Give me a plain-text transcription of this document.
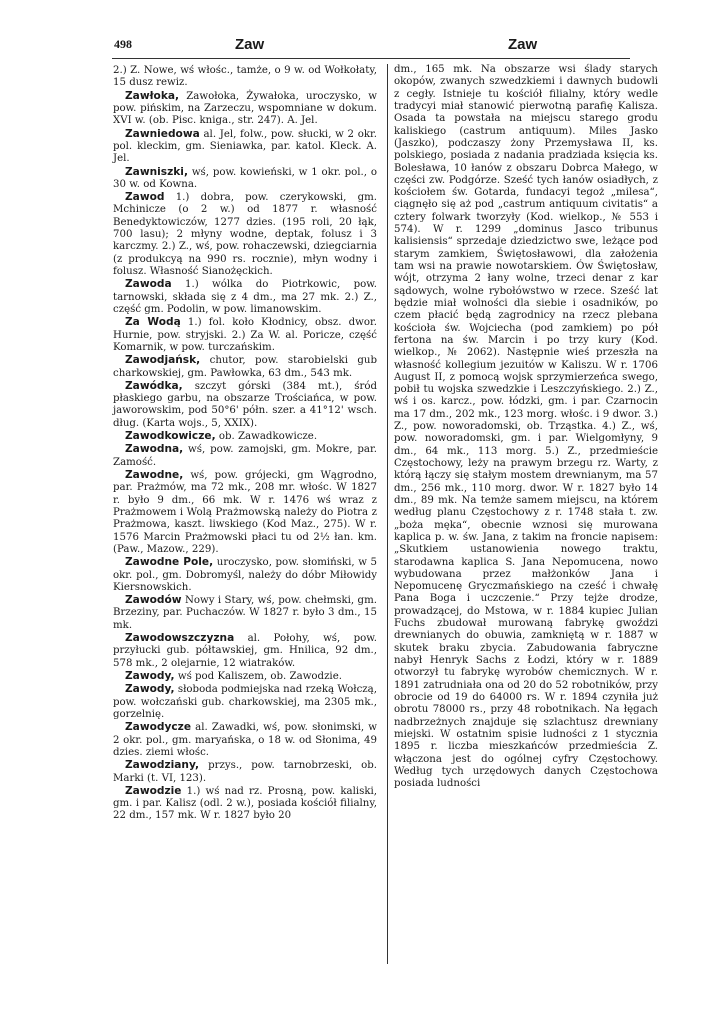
498	Zaw	Zaw

2.) Z. Nowe, wś włośc., tamże, o 9 w. od Wołkołaty, 15 dusz rewiz.

Zawłoka, Zawołoka, Żywałoka, uroczysko, w pow. pińskim, na Zarzeczu, wspomniane w dokum. XVI w. (ob. Pisc. kniga., str. 247). A. Jel.

Zawniedowa al. Jel, folw., pow. słucki, w 2 okr. pol. kleckim, gm. Sieniawka, par. katol. Kleck. A. Jel.

Zawniszki, wś, pow. kowieński, w 1 okr. pol., o 30 w. od Kowna.

Zawod 1.) dobra, pow. czerykowski, gm. Mchinicze (o 2 w.) od 1877 r. własność Benedyktowiczów, 1277 dzies. (195 roli, 20 łąk, 700 lasu); 2 młyny wodne, deptak, folusz i 3 karczmy. 2.) Z., wś, pow. rohaczewski, dziegciarnia (z produkcyą na 990 rs. rocznie), młyn wodny i folusz. Własność Sianożęckich.

Zawoda 1.) wólka do Piotrkowic, pow. tarnowski, składa się z 4 dm., ma 27 mk. 2.) Z., część gm. Podolin, w pow. limanowskim.

Za Wodą 1.) fol. koło Kłodnicy, obsz. dwor. Hurnie, pow. stryjski. 2.) Za W. al. Poricze, część Komarnik, w pow. turczańskim.

Zawodjańsk, chutor, pow. starobielski gub charkowskiej, gm. Pawłowka, 63 dm., 543 mk.

Zawódka, szczyt górski (384 mt.), śród płaskiego garbu, na obszarze Trościańca, w pow. jaworowskim, pod 50°6' półn. szer. a 41°12' wsch. dług. (Karta wojs., 5, XXIX).

Zawodkowicze, ob. Zawadkowicze.

Zawodna, wś, pow. zamojski, gm. Mokre, par. Zamość.

Zawodne, wś, pow. grójecki, gm Wągrodno, par. Prażmów, ma 72 mk., 208 mr. włośc. W 1827 r. było 9 dm., 66 mk. W r. 1476 wś wraz z Prażmowem i Wolą Prażmowską należy do Piotra z Prażmowa, kaszt. liwskiego (Kod Maz., 275). W r. 1576 Marcin Prażmowski płaci tu od 2½ łan. km. (Paw., Mazow., 229).

Zawodne Pole, uroczysko, pow. słomiński, w 5 okr. pol., gm. Dobromyśl, należy do dóbr Miłowidy Kiersnowskich.

Zawodów Nowy i Stary, wś, pow. chełmski, gm. Brzeziny, par. Puchaczów. W 1827 r. było 3 dm., 15 mk.

Zawodowszczyzna al. Połohy, wś, pow. przyłucki gub. półtawskiej, gm. Hnilica, 92 dm., 578 mk., 2 olejarnie, 12 wiatraków.

Zawody, wś pod Kaliszem, ob. Zawodzie.

Zawody, słoboda podmiejska nad rzeką Wołczą, pow. wołczański gub. charkowskiej, ma 2305 mk., gorzelnię.

Zawodycze al. Zawadki, wś, pow. słonimski, w 2 okr. pol., gm. maryańska, o 18 w. od Słonima, 49 dzies. ziemi włośc.

Zawodziany, przys., pow. tarnobrzeski, ob. Marki (t. VI, 123).

Zawodzie 1.) wś nad rz. Prosną, pow. kaliski, gm. i par. Kalisz (odl. 2 w.), posiada kościół filialny, 22 dm., 157 mk. W r. 1827 było 20

dm., 165 mk. Na obszarze wsi ślady starych okopów, zwanych szwedzkiemi i dawnych budowli z cegły. Istnieje tu kościół filialny, który wedle tradycyi miał stanowić pierwotną parafię Kalisza. Osada ta powstała na miejscu starego grodu kaliskiego (castrum antiquum). Miles Jasko (Jaszko), podczaszy żony Przemysława II, ks. polskiego, posiada z nadania pradziada księcia ks. Bolesława, 10 łanów z obszaru Dobrca Małego, w części zw. Podgórze. Sześć tych łanów osiadłych, z kościołem św. Gotarda, fundacyi tegoż „milesa“, ciągnęło się aż pod „castrum antiquum civitatis“ a cztery folwark tworzyły (Kod. wielkop., № 553 i 574). W r. 1299 „dominus Jasco tribunus kalisiensis“ sprzedaje dziedzictwo swe, leżące pod starym zamkiem, Świętosławowi, dla założenia tam wsi na prawie nowotarskiem. Ów Świętosław, wójt, otrzyma 2 łany wolne, trzeci denar z kar sądowych, wolne rybołówstwo w rzece. Sześć lat będzie miał wolności dla siebie i osadników, po czem płacić będą zagrodnicy na rzecz plebana kościoła św. Wojciecha (pod zamkiem) po pół fertona na św. Marcin i po trzy kury (Kod. wielkop., № 2062). Następnie wieś przeszła na własność kollegium jezuitów w Kaliszu. W r. 1706 August II, z pomocą wojsk sprzymierzeńca swego, pobił tu wojska szwedzkie i Leszczyńskiego. 2.) Z., wś i os. karcz., pow. łódzki, gm. i par. Czarnocin ma 17 dm., 202 mk., 123 morg. włośc. i 9 dwor. 3.) Z., pow. noworadomski, ob. Trząstka. 4.) Z., wś, pow. noworadomski, gm. i par. Wielgomłyny, 9 dm., 64 mk., 113 morg. 5.) Z., przedmieście Częstochowy, leży na prawym brzegu rz. Warty, z którą łączy się stałym mostem drewnianym, ma 57 dm., 256 mk., 110 morg. dwor. W r. 1827 było 14 dm., 89 mk. Na temże samem miejscu, na którem według planu Częstochowy z r. 1748 stała t. zw. „boża męka“, obecnie wznosi się murowana kaplica p. w. św. Jana, z takim na froncie napisem: „Skutkiem ustanowienia nowego traktu, starodawna kaplica S. Jana Nepomucena, nowo wybudowana przez małżonków Jana i Nepomucenę Gryczmańskiego na cześć i chwałę Pana Boga i uczczenie.“ Przy tejże drodze, prowadzącej, do Mstowa, w r. 1884 kupiec Julian Fuchs zbudował murowaną fabrykę gwoździ drewnianych do obuwia, zamkniętą w r. 1887 w skutek braku zbycia. Zabudowania fabryczne nabył Henryk Sachs z Łodzi, który w r. 1889 otworzył tu fabrykę wyrobów chemicznych. W r. 1891 zatrudniała ona od 20 do 52 robotników, przy obrocie od 19 do 64000 rs. W r. 1894 czyniła już obrotu 78000 rs., przy 48 robotnikach. Na łęgach nadbrzeżnych znajduje się szlachtusz drewniany miejski. W ostatnim spisie ludności z 1 stycznia 1895 r. liczba mieszkańców przedmieścia Z. włączona jest do ogólnej cyfry Częstochowy. Według tych urzędowych danych Częstochowa posiada ludności
